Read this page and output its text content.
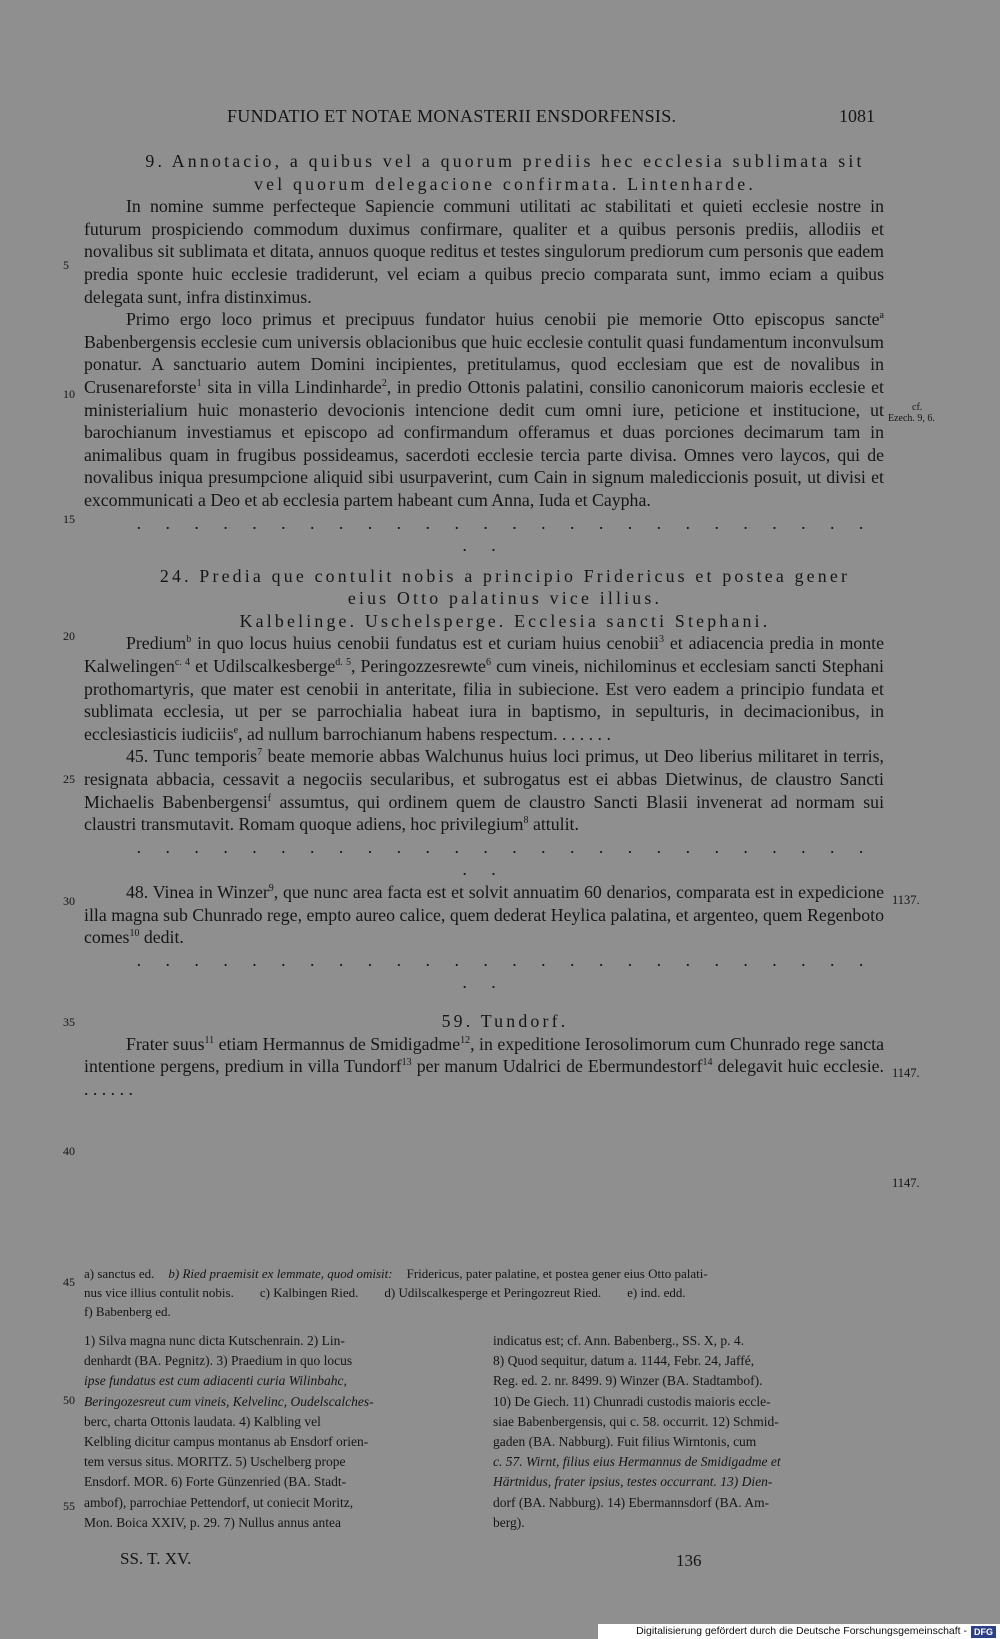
FUNDATIO ET NOTAE MONASTERII ENSDORFENSIS.	1081
5
10
15
20
25
30
35
40
45
50
55
cf.
Ezech. 9, 6.
1137.
1147.
1147.

9. Annotacio, a quibus vel a quorum prediis hec ecclesia sublimata sit

vel quorum delegacione confirmata. Lintenharde.

In nomine summe perfecteque Sapiencie communi utilitati ac stabilitati et quieti ecclesie nostre in futurum prospiciendo commodum duximus confirmare, qualiter et a quibus personis prediis, allodiis et novalibus sit sublimata et ditata, annuos quoque reditus et testes singulorum prediorum cum personis que eadem predia sponte huic ecclesie tradiderunt, vel eciam a quibus precio comparata sunt, immo eciam a quibus delegata sunt, infra distinximus.

Primo ergo loco primus et precipuus fundator huius cenobii pie memorie Otto episcopus sancte$^a$ Babenbergensis ecclesie cum universis oblacionibus que huic ecclesie contulit quasi fundamentum inconvulsum ponatur. A sanctuario autem Domini incipientes, pretitulamus, quod ecclesiam que est de novalibus in Crusenareforste$^1$ sita in villa Lindinharde$^2$, in predio Ottonis palatini, consilio canonicorum maioris ecclesie et ministerialium huic monasterio devocionis intencione dedit cum omni iure, peticione et institucione, ut barochianum investiamus et episcopo ad confirmandum offeramus et duas porciones decimarum tam in animalibus quam in frugibus possideamus, sacerdoti ecclesie tercia parte divisa. Omnes vero laycos, qui de novalibus iniqua presumpcione aliquid sibi usurpaverint, cum Cain in signum malediccionis posuit, ut divisi et excommunicati a Deo et ab ecclesia partem habeant cum Anna, Iuda et Caypha.

. . . . . . . . . . . . . . . . . . . . . . . . . . . .

24. Predia que contulit nobis a principio Fridericus et postea gener

eius Otto palatinus vice illius.

Kalbelinge. Uschelsperge. Ecclesia sancti Stephani.

Predium$^b$ in quo locus huius cenobii fundatus est et curiam huius cenobii$^3$ et adiacencia predia in monte Kalwelingen$^{c. 4}$ et Udilscalkesberge$^{d. 5}$, Peringozzesrewte$^6$ cum vineis, nichilominus et ecclesiam sancti Stephani prothomartyris, que mater est cenobii in anteritate, filia in subiecione. Est vero eadem a principio fundata et sublimata ecclesia, ut per se parrochialia habeat iura in baptismo, in sepulturis, in decimacionibus, in ecclesiasticis iudiciis$^e$, ad nullum barrochianum habens respectum. . . . . . .

45. Tunc temporis$^7$ beate memorie abbas Walchunus huius loci primus, ut Deo liberius militaret in terris, resignata abbacia, cessavit a negociis secularibus, et subrogatus est ei abbas Dietwinus, de claustro Sancti Michaelis Babenbergensi$^f$ assumtus, qui ordinem quem de claustro Sancti Blasii invenerat ad normam sui claustri transmutavit. Romam quoque adiens, hoc privilegium$^8$ attulit.

. . . . . . . . . . . . . . . . . . . . . . . . . . . .

48. Vinea in Winzer$^9$, que nunc area facta est et solvit annuatim 60 denarios, comparata est in expedicione illa magna sub Chunrado rege, empto aureo calice, quem dederat Heylica palatina, et argenteo, quem Regenboto comes$^{10}$ dedit.

. . . . . . . . . . . . . . . . . . . . . . . . . . . .

59. Tundorf.

Frater suus$^{11}$ etiam Hermannus de Smidigadme$^{12}$, in expeditione Ierosolimorum cum Chunrado rege sancta intentione pergens, predium in villa Tundorf$^{13}$ per manum Udalrici de Ebermundestorf$^{14}$ delegavit huic ecclesie. . . . . . .

a) sanctus ed. b) Ried praemisit ex lemmate, quod omisit: Fridericus, pater palatine, et postea gener eius Otto palati-

nus vice illius contulit nobis. c) Kalbingen Ried. d) Udilscalkesperge et Peringozreut Ried. e) ind. edd.

f) Babenberg ed.

1) Silva magna nunc dicta Kutschenrain. 2) Lin-

denhardt (BA. Pegnitz). 3) Praedium in quo locus

ipse fundatus est cum adiacenti curia Wilinbahc,

Beringozesreut cum vineis, Kelvelinc, Oudelscalches-

berc, charta Ottonis laudata. 4) Kalbling vel

Kelbling dicitur campus montanus ab Ensdorf orien-

tem versus situs. MORITZ. 5) Uschelberg prope

Ensdorf. MOR. 6) Forte Günzenried (BA. Stadt-

ambof), parrochiae Pettendorf, ut coniecit Moritz,

Mon. Boica XXIV, p. 29. 7) Nullus annus antea

indicatus est; cf. Ann. Babenberg., SS. X, p. 4.

8) Quod sequitur, datum a. 1144, Febr. 24, Jaffé,

Reg. ed. 2. nr. 8499. 9) Winzer (BA. Stadtambof).

10) De Giech. 11) Chunradi custodis maioris eccle-

siae Babenbergensis, qui c. 58. occurrit. 12) Schmid-

gaden (BA. Nabburg). Fuit filius Wirntonis, cum

c. 57. Wirnt, filius eius Hermannus de Smidigadme et

Härtnidus, frater ipsius, testes occurrant. 13) Dien-

dorf (BA. Nabburg). 14) Ebermannsdorf (BA. Am-

berg).

SS. T. XV.	136
Digitalisierung gefördert durch die Deutsche Forschungsgemeinschaft - DFG
